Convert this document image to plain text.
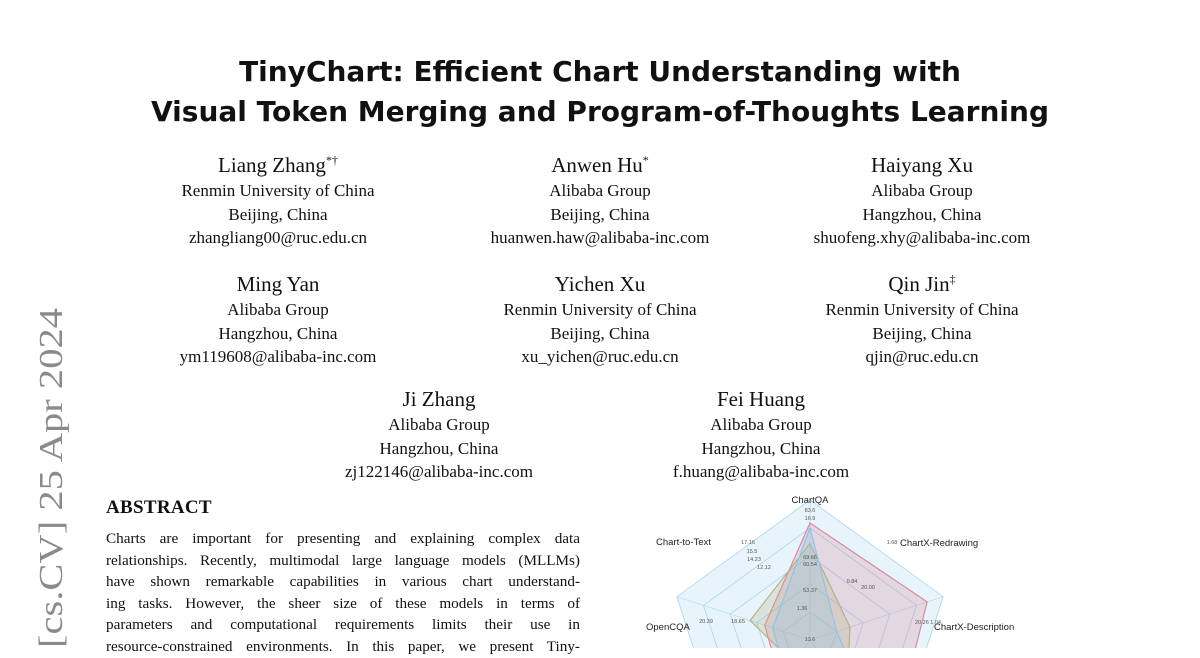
TinyChart: Efficient Chart Understanding with
Visual Token Merging and Program-of-Thoughts Learning
Liang Zhang*†
Renmin University of China
Beijing, China
zhangliang00@ruc.edu.cn
Anwen Hu*
Alibaba Group
Beijing, China
huanwen.haw@alibaba-inc.com
Haiyang Xu
Alibaba Group
Hangzhou, China
shuofeng.xhy@alibaba-inc.com
Ming Yan
Alibaba Group
Hangzhou, China
ym119608@alibaba-inc.com
Yichen Xu
Renmin University of China
Beijing, China
xu_yichen@ruc.edu.cn
Qin Jin‡
Renmin University of China
Beijing, China
qjin@ruc.edu.cn
Ji Zhang
Alibaba Group
Hangzhou, China
zj122146@alibaba-inc.com
Fei Huang
Alibaba Group
Hangzhou, China
f.huang@alibaba-inc.com
[cs.CV] 25 Apr 2024 ABSTRACT
Charts are important for presenting and explaining complex data
relationships. Recently, multimodal large language models (MLLMs)
have shown remarkable capabilities in various chart understand-
ing tasks. However, the sheer size of these models in terms of
parameters and computational requirements limits their use in
resource-constrained environments. In this paper, we present Tiny-
ChartQA
ChartX-Redrawing
ChartX-Description
OpenCQA
Chart-to-Text
83.6
16.9
69.66
60.54
53.37
1.36
17.16
15.5
14.23
12.12
1.68
0.84
20.39	18.65
20.00
20.26 1.04
13.6
